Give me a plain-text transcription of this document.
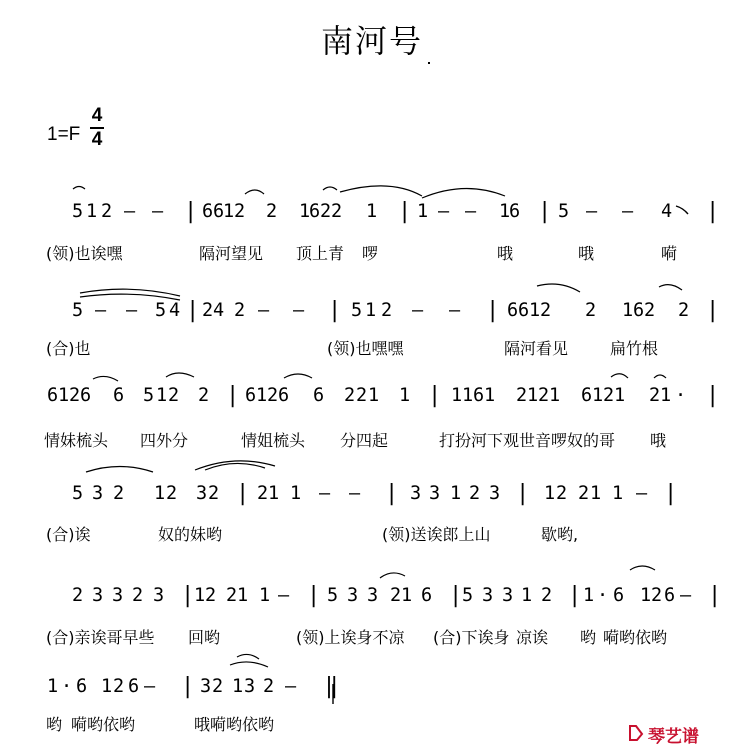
南河号
1=F
4
4
5 1 2 — — | 6 6
1 2 2 1
6 2 2 1 | 1 — — 1
6 | 5 — — 4 |
(领)也诶嘿	隔河望见 顶上青 啰	哦	哦	嗬
5 — — 5 4 | 2 4 2 — — | 5 1 2 — — | 6 6 1 2 2 1 6 2 2 |
(合)也	(领)也嘿嘿	隔河看见	扁竹根
6 1 2 6 6 5 1 2 2 | 6 1 2 6 6 2 2 1 1 | 1 1 6 1 2 1 2 1 6 1 2 1 2 1 · |
情妹梳头 四外分	情姐梳头 分四起	打扮河下观世音啰奴的哥 哦
5 3 2 1 2 3 2 | 2 1 1 — — | 3 3 1 2 3 | 1 2 2 1 1 — |
(合)诶	奴的妹哟	(领)送诶郎上山	歇哟,
2 3 3 2 3 | 1 2 2 1 1 — | 5 3 3 2 1 6 | 5 3 3 1 2 | 1 · 6 1 2 6 — |
(合)亲诶哥早些 回哟	(领)上诶身不凉 (合)下诶身 凉诶 哟 嗬哟依哟
1 · 6 1 2 6 — | 3 2 1 3 2 — ‖
哟 嗬哟依哟	哦嗬哟依哟
琴艺谱
